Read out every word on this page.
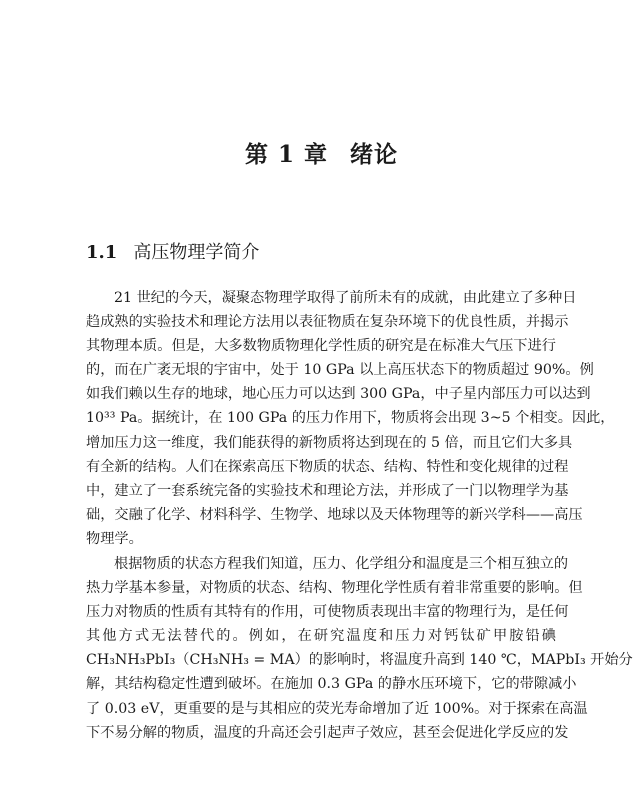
第 1 章 绪论
1.1 高压物理学简介
21 世纪的今天，凝聚态物理学取得了前所未有的成就，由此建立了多种日
趋成熟的实验技术和理论方法用以表征物质在复杂环境下的优良性质，并揭示
其物理本质。但是，大多数物质物理化学性质的研究是在标准大气压下进行
的，而在广袤无垠的宇宙中，处于 10 GPa 以上高压状态下的物质超过 90%。例
如我们赖以生存的地球，地心压力可以达到 300 GPa，中子星内部压力可以达到
10³³ Pa。据统计，在 100 GPa 的压力作用下，物质将会出现 3~5 个相变。因此，
增加压力这一维度，我们能获得的新物质将达到现在的 5 倍，而且它们大多具
有全新的结构。人们在探索高压下物质的状态、结构、特性和变化规律的过程
中，建立了一套系统完备的实验技术和理论方法，并形成了一门以物理学为基
础，交融了化学、材料科学、生物学、地球以及天体物理等的新兴学科——高压
物理学。
根据物质的状态方程我们知道，压力、化学组分和温度是三个相互独立的
热力学基本参量，对物质的状态、结构、物理化学性质有着非常重要的影响。但
压力对物质的性质有其特有的作用，可使物质表现出丰富的物理行为，是任何
其他方式无法替代的。例如，在研究温度和压力对钙钛矿甲胺铅碘
CH₃NH₃PbI₃（CH₃NH₃ = MA）的影响时，将温度升高到 140 ℃，MAPbI₃ 开始分
解，其结构稳定性遭到破坏。在施加 0.3 GPa 的静水压环境下，它的带隙减小
了 0.03 eV，更重要的是与其相应的荧光寿命增加了近 100%。对于探索在高温
下不易分解的物质，温度的升高还会引起声子效应，甚至会促进化学反应的发
